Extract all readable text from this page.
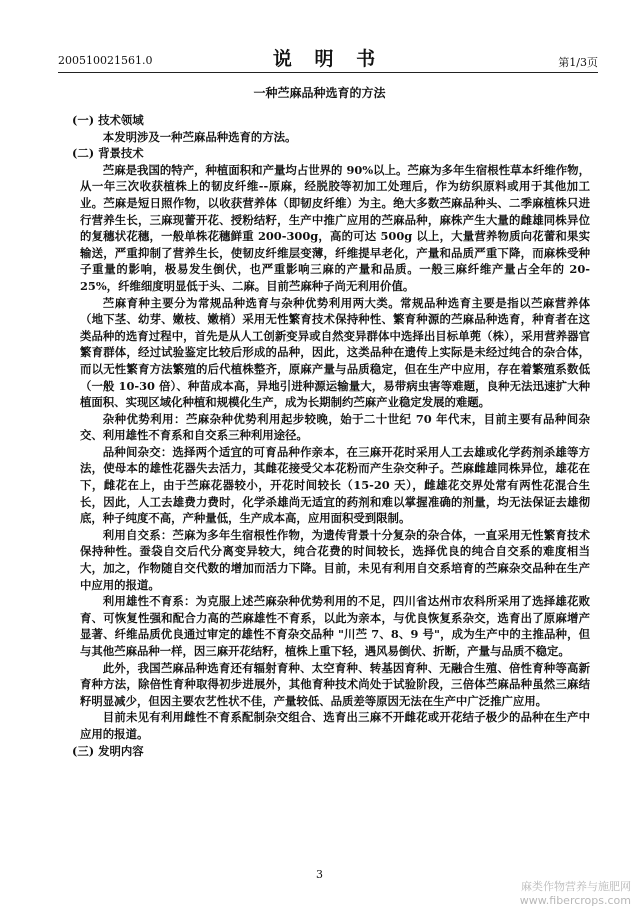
200510021561.0	说 明 书	第1/3页
一种苎麻品种选育的方法
(一) 技术领域

本发明涉及一种苎麻品种选育的方法。

(二) 背景技术

苎麻是我国的特产，种植面积和产量均占世界的 90%以上。苎麻为多年生宿根性草本纤维作物，从一年三次收获植株上的韧皮纤维--原麻，经脱胶等初加工处理后，作为纺织原料或用于其他加工业。苎麻是短日照作物，以收获营养体（即韧皮纤维）为主。绝大多数苎麻品种头、二季麻植株只进行营养生长，三麻现蕾开花、授粉结籽，生产中推广应用的苎麻品种，麻株产生大量的雌雄同株异位的复穗状花穗，一般单株花穗鲜重 200-300g，高的可达 500g 以上，大量营养物质向花蕾和果实输送，严重抑制了营养生长，使韧皮纤维层变薄，纤维提早老化，产量和品质严重下降，而麻株受种子重量的影响，极易发生倒伏，也严重影响三麻的产量和品质。一般三麻纤维产量占全年的 20-25%，纤维细度明显低于头、二麻。目前苎麻种子尚无利用价值。

苎麻育种主要分为常规品种选育与杂种优势利用两大类。常规品种选育主要是指以苎麻营养体（地下茎、幼芽、嫩枝、嫩梢）采用无性繁育技术保持种性、繁育种源的苎麻品种选育，种育者在这类品种的选育过程中，首先是从人工创新变异或自然变异群体中选择出目标单蔸（株），采用营养器官繁育群体，经过试验鉴定比较后形成的品种，因此，这类品种在遗传上实际是未经过纯合的杂合体，而以无性繁育方法繁殖的后代植株整齐，原麻产量与品质稳定，但在生产中应用，存在着繁殖系数低（一般 10-30 倍）、种苗成本高，异地引进种源运输量大，易带病虫害等难题，良种无法迅速扩大种植面积、实现区域化种植和规模化生产，成为长期制约苎麻产业稳定发展的难题。

杂种优势利用：苎麻杂种优势利用起步较晚，始于二十世纪 70 年代末，目前主要有品种间杂交、利用雄性不育系和自交系三种利用途径。

品种间杂交：选择两个适宜的可育品种作亲本，在三麻开花时采用人工去雄或化学药剂杀雄等方法，使母本的雄性花器失去活力，其雌花接受父本花粉而产生杂交种子。苎麻雌雄同株异位，雄花在下，雌花在上，由于苎麻花器较小，开花时间较长（15-20 天），雌雄花交界处常有两性花混合生长，因此，人工去雄费力费时，化学杀雄尚无适宜的药剂和难以掌握准确的剂量，均无法保证去雄彻底，种子纯度不高，产种量低，生产成本高，应用面积受到限制。

利用自交系：苎麻为多年生宿根性作物，为遗传背景十分复杂的杂合体，一直采用无性繁育技术保持种性。蚕袋自交后代分离变异较大，纯合花费的时间较长，选择优良的纯合自交系的难度相当大，加之，作物随自交代数的增加而活力下降。目前，未见有利用自交系培育的苎麻杂交品种在生产中应用的报道。

利用雄性不育系：为克服上述苎麻杂种优势利用的不足，四川省达州市农科所采用了选择雄花败育、可恢复性强和配合力高的苎麻雄性不育系，以此为亲本，与优良恢复系杂交，选育出了原麻增产显著、纤维品质优良通过审定的雄性不育杂交品种 "川苎 7、8、9 号"，成为生产中的主推品种，但与其他苎麻品种一样，因三麻开花结籽，植株上重下轻，遇风易倒伏、折断，产量与品质不稳定。

此外，我国苎麻品种选育还有辐射育种、太空育种、转基因育种、无融合生殖、倍性育种等高新育种方法，除倍性育种取得初步进展外，其他育种技术尚处于试验阶段，三倍体苎麻品种虽然三麻结籽明显减少，但因主要农艺性状不佳，产量较低、品质差等原因无法在生产中广泛推广应用。

目前未见有利用雌性不育系配制杂交组合、选育出三麻不开雌花或开花结子极少的品种在生产中应用的报道。

(三) 发明内容
3
麻类作物营养与施肥网
www.fibercrops.com
